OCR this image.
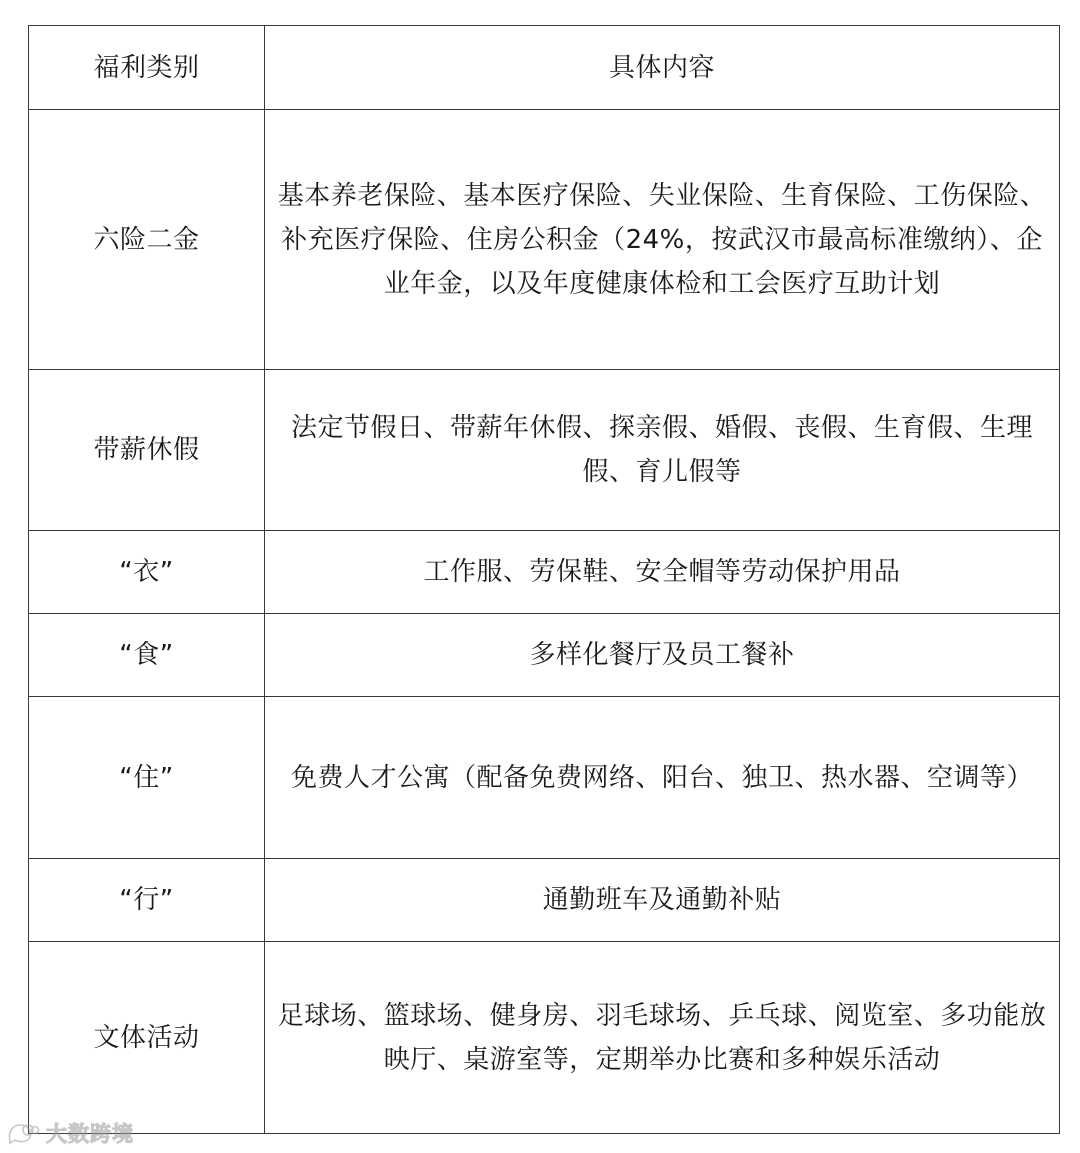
福利类别	具体内容
六险二金	基本养老保险、基本医疗保险、失业保险、生育保险、工伤保险、补充医疗保险、住房公积金（24%，按武汉市最高标准缴纳）、企业年金，以及年度健康体检和工会医疗互助计划

带薪休假	法定节假日、带薪年休假、探亲假、婚假、丧假、生育假、生理假、育儿假等

“衣”	工作服、劳保鞋、安全帽等劳动保护用品

“食”	多样化餐厅及员工餐补

“住”	免费人才公寓（配备免费网络、阳台、独卫、热水器、空调等）

“行”	通勤班车及通勤补贴

文体活动	足球场、篮球场、健身房、羽毛球场、乒乓球、阅览室、多功能放映厅、桌游室等，定期举办比赛和多种娱乐活动
大数跨境
